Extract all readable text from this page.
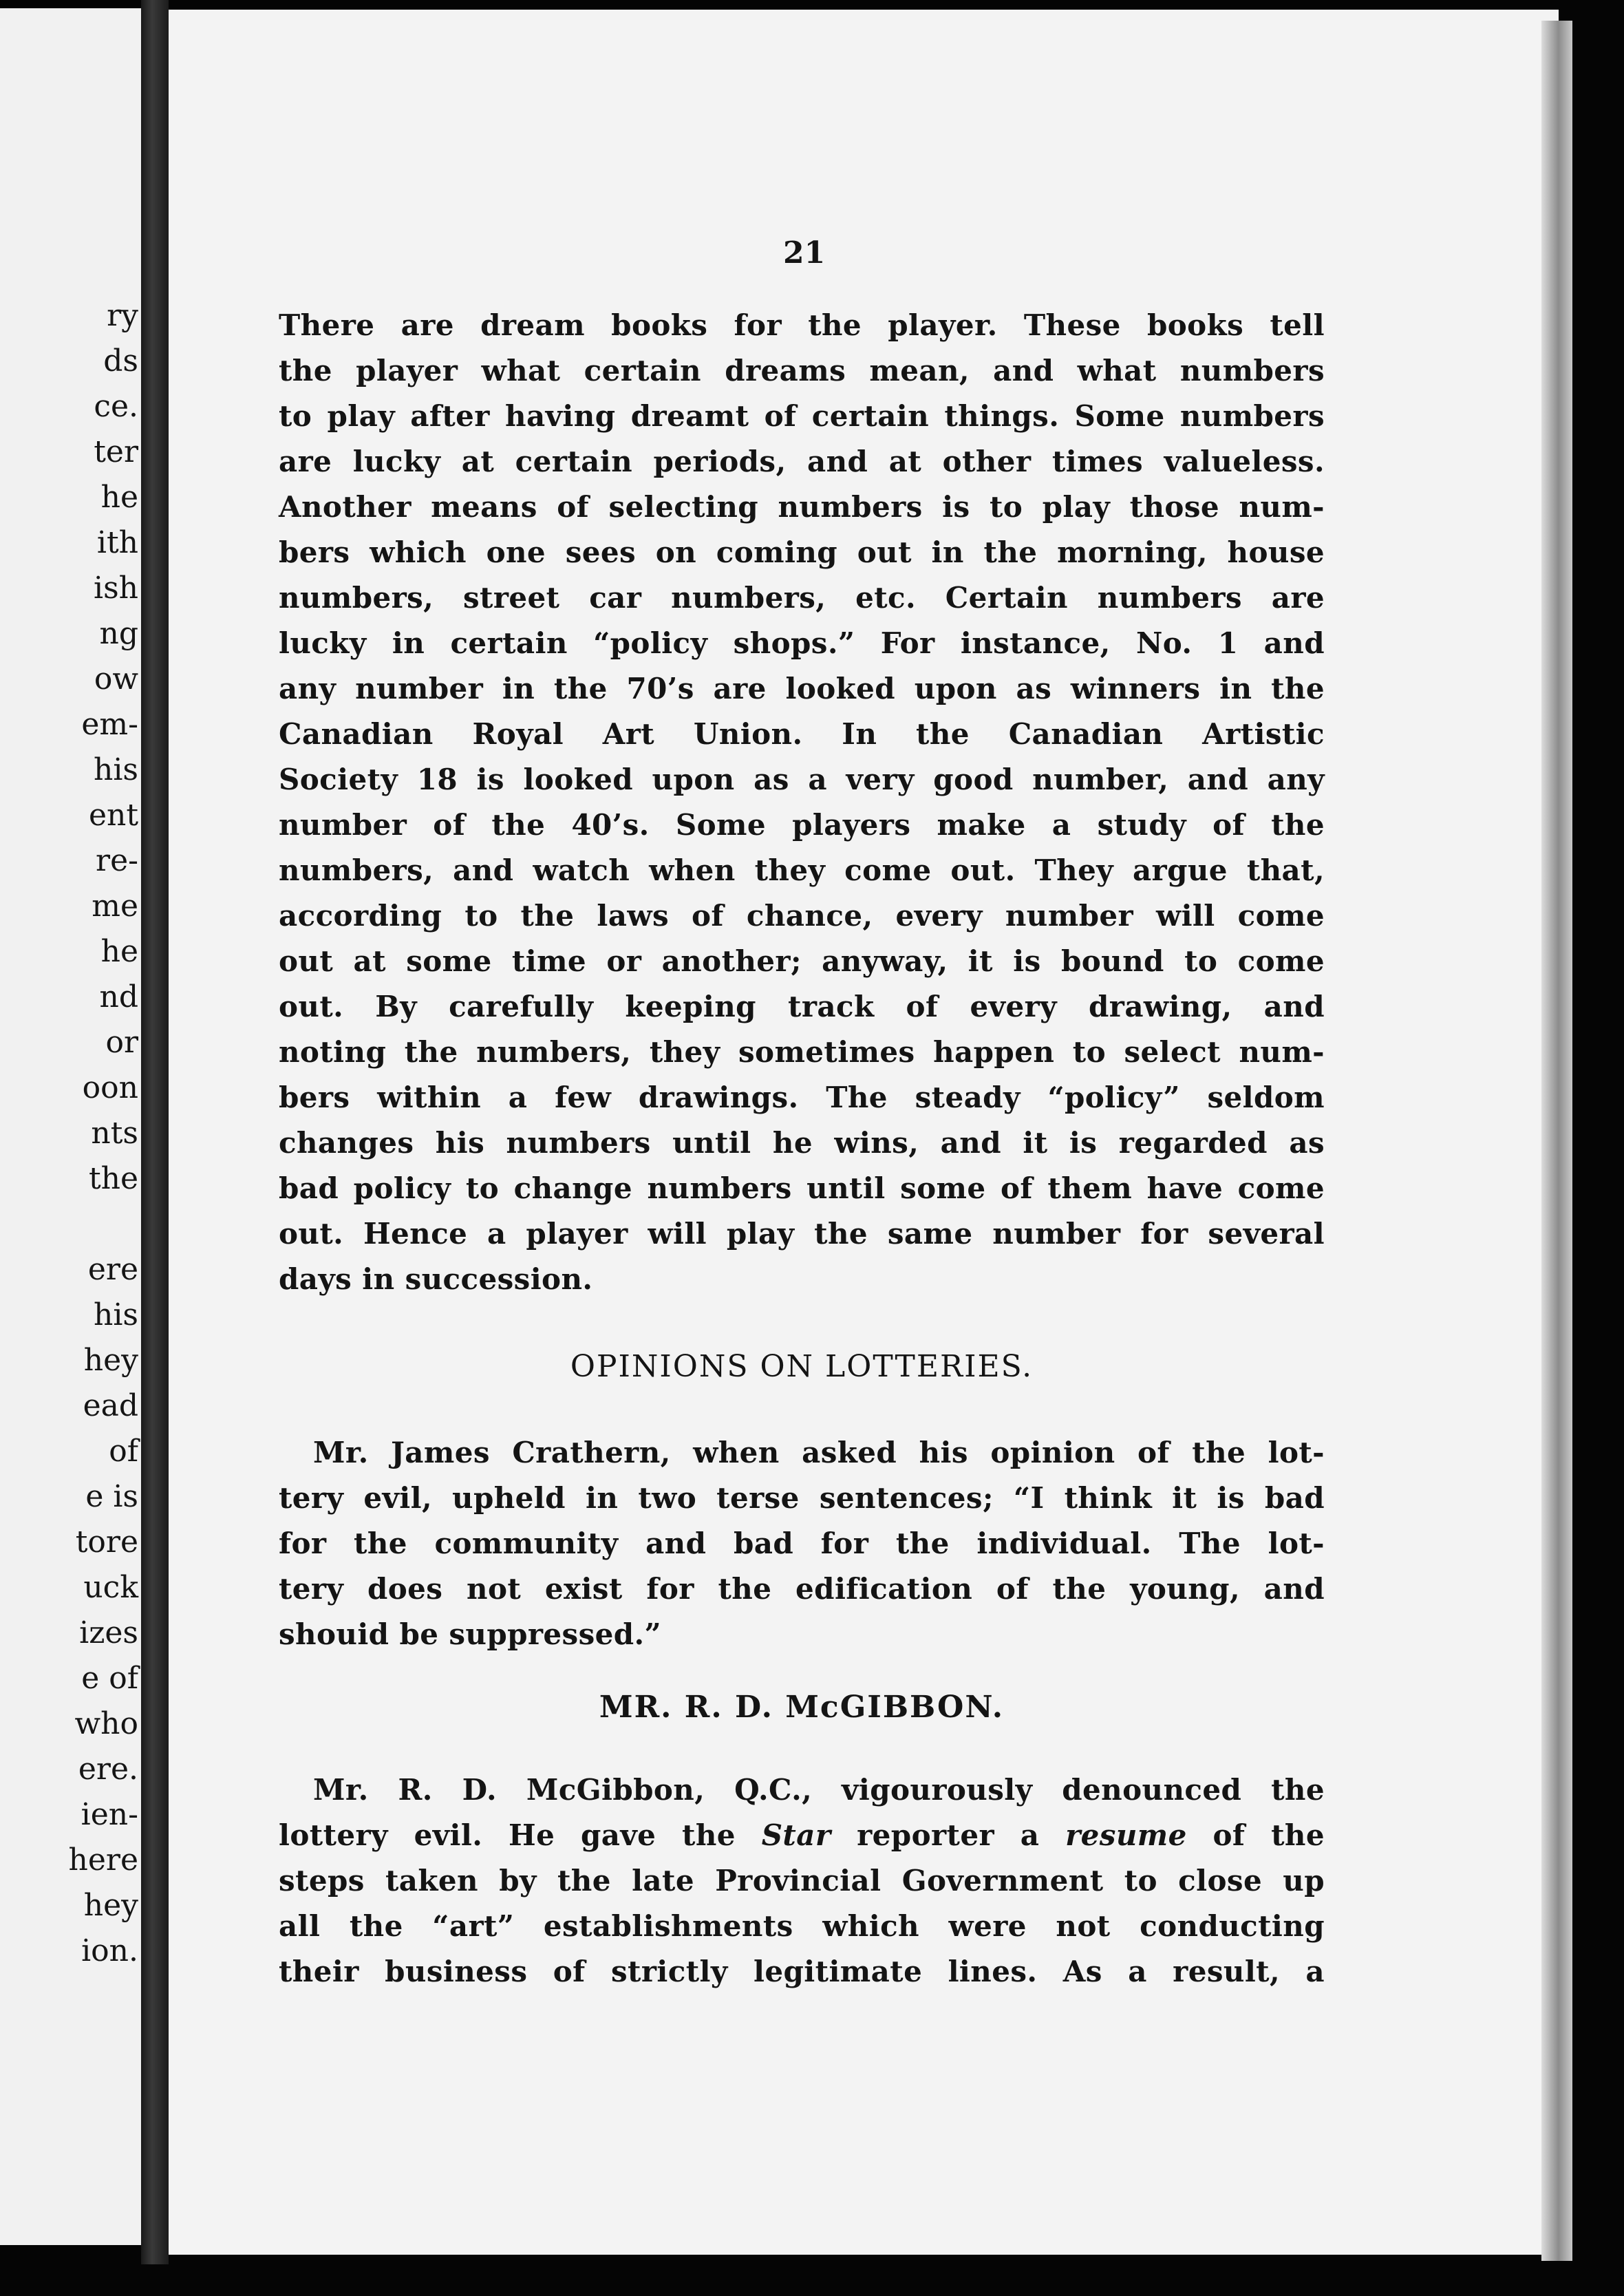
ry
ds
ce.
ter
he
ith
ish
ng
ow
em-
his
ent
re-
me
he
nd
or
oon
nts
the
ere
his
hey
ead
of
e is
tore
uck
izes
e of
who
ere.
ien-
here
hey
ion.
21
There are dream books for the player. These books tell
the player what certain dreams mean, and what numbers
to play after having dreamt of certain things. Some numbers
are lucky at certain periods, and at other times valueless.
Another means of selecting numbers is to play those num-
bers which one sees on coming out in the morning, house
numbers, street car numbers, etc. Certain numbers are
lucky in certain “policy shops.” For instance, No. 1 and
any number in the 70’s are looked upon as winners in the
Canadian Royal Art Union. In the Canadian Artistic
Society 18 is looked upon as a very good number, and any
number of the 40’s. Some players make a study of the
numbers, and watch when they come out. They argue that,
according to the laws of chance, every number will come
out at some time or another; anyway, it is bound to come
out. By carefully keeping track of every drawing, and
noting the numbers, they sometimes happen to select num-
bers within a few drawings. The steady “policy” seldom
changes his numbers until he wins, and it is regarded as
bad policy to change numbers until some of them have come
out. Hence a player will play the same number for several
days in succession.
OPINIONS ON LOTTERIES.
Mr. James Crathern, when asked his opinion of the lot-
tery evil, upheld in two terse sentences; “I think it is bad
for the community and bad for the individual. The lot-
tery does not exist for the edification of the young, and
shouid be suppressed.”
MR. R. D. McGIBBON.
Mr. R. D. McGibbon, Q.C., vigourously denounced the
lottery evil. He gave the Star reporter a resume of the
steps taken by the late Provincial Government to close up
all the “art” establishments which were not conducting
their business of strictly legitimate lines. As a result, a
